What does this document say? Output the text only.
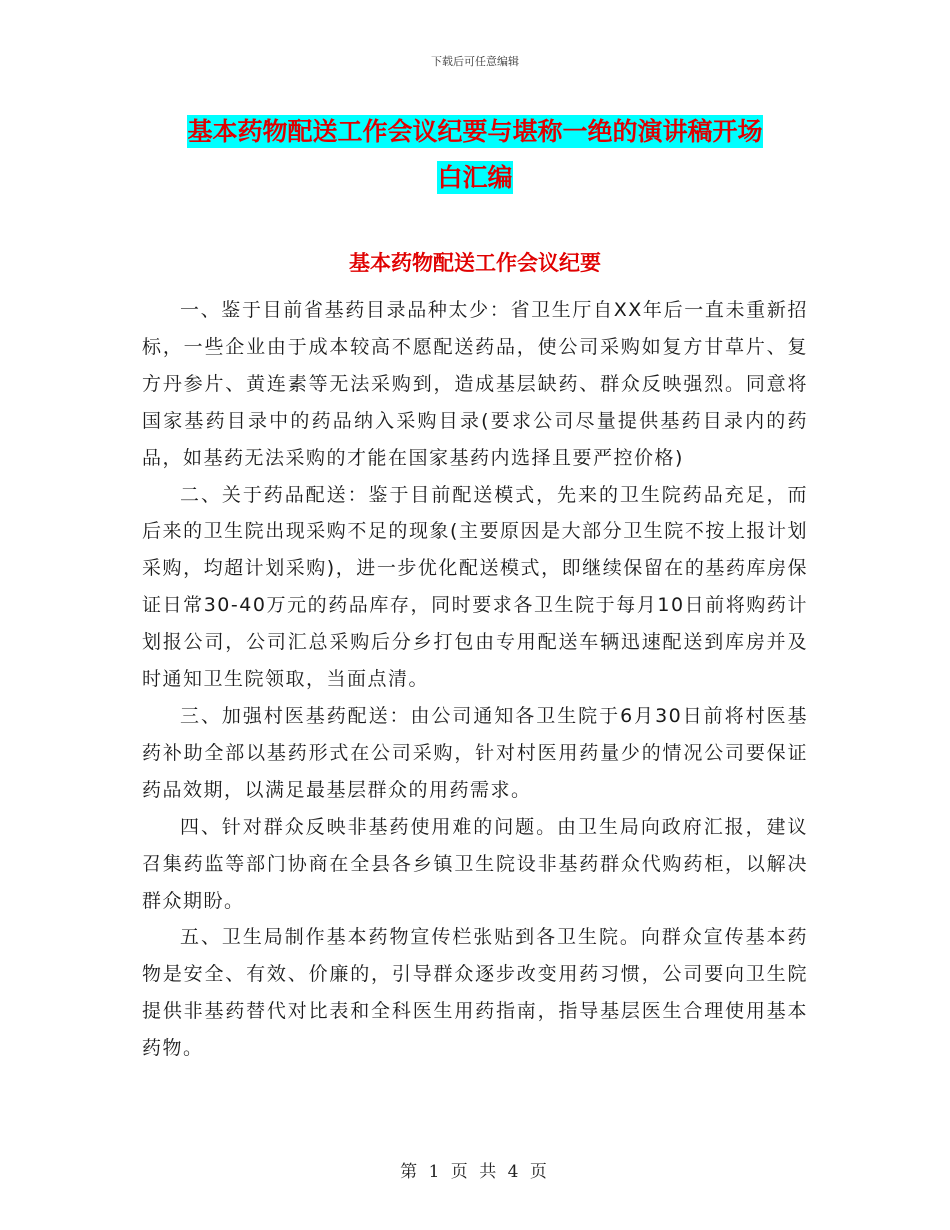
下载后可任意编辑
基本药物配送工作会议纪要与堪称一绝的演讲稿开场
白汇编
基本药物配送工作会议纪要

一、鉴于目前省基药目录品种太少：省卫生厅自XX年后一直未重新招标，一些企业由于成本较高不愿配送药品，使公司采购如复方甘草片、复方丹参片、黄连素等无法采购到，造成基层缺药、群众反映强烈。同意将国家基药目录中的药品纳入采购目录(要求公司尽量提供基药目录内的药品，如基药无法采购的才能在国家基药内选择且要严控价格)

二、关于药品配送：鉴于目前配送模式，先来的卫生院药品充足，而后来的卫生院出现采购不足的现象(主要原因是大部分卫生院不按上报计划采购，均超计划采购)，进一步优化配送模式，即继续保留在的基药库房保证日常30-40万元的药品库存，同时要求各卫生院于每月10日前将购药计划报公司，公司汇总采购后分乡打包由专用配送车辆迅速配送到库房并及时通知卫生院领取，当面点清。

三、加强村医基药配送：由公司通知各卫生院于6月30日前将村医基药补助全部以基药形式在公司采购，针对村医用药量少的情况公司要保证药品效期，以满足最基层群众的用药需求。

四、针对群众反映非基药使用难的问题。由卫生局向政府汇报，建议召集药监等部门协商在全县各乡镇卫生院设非基药群众代购药柜，以解决群众期盼。

五、卫生局制作基本药物宣传栏张贴到各卫生院。向群众宣传基本药物是安全、有效、价廉的，引导群众逐步改变用药习惯，公司要向卫生院提供非基药替代对比表和全科医生用药指南，指导基层医生合理使用基本药物。

第 1 页 共 4 页
